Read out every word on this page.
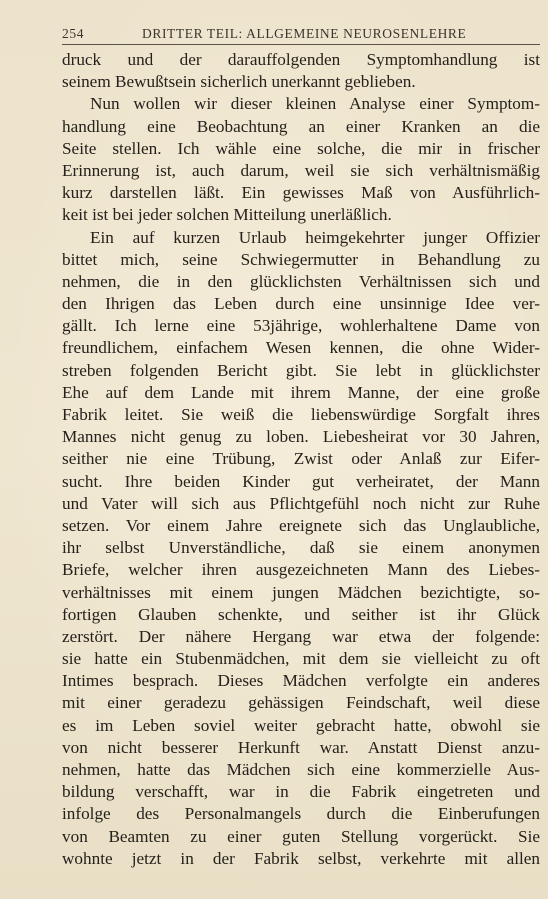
254	DRITTER TEIL: ALLGEMEINE NEUROSENLEHRE
druck und der darauffolgenden Symptomhandlung ist
seinem Bewußtsein sicherlich unerkannt geblieben.
Nun wollen wir dieser kleinen Analyse einer Symptom-
handlung eine Beobachtung an einer Kranken an die
Seite stellen. Ich wähle eine solche, die mir in frischer
Erinnerung ist, auch darum, weil sie sich verhältnismäßig
kurz darstellen läßt. Ein gewisses Maß von Ausführlich-
keit ist bei jeder solchen Mitteilung unerläßlich.
Ein auf kurzen Urlaub heimgekehrter junger Offizier
bittet mich, seine Schwiegermutter in Behandlung zu
nehmen, die in den glücklichsten Verhältnissen sich und
den Ihrigen das Leben durch eine unsinnige Idee ver-
gällt. Ich lerne eine 53jährige, wohlerhaltene Dame von
freundlichem, einfachem Wesen kennen, die ohne Wider-
streben folgenden Bericht gibt. Sie lebt in glücklichster
Ehe auf dem Lande mit ihrem Manne, der eine große
Fabrik leitet. Sie weiß die liebenswürdige Sorgfalt ihres
Mannes nicht genug zu loben. Liebesheirat vor 30 Jahren,
seither nie eine Trübung, Zwist oder Anlaß zur Eifer-
sucht. Ihre beiden Kinder gut verheiratet, der Mann
und Vater will sich aus Pflichtgefühl noch nicht zur Ruhe
setzen. Vor einem Jahre ereignete sich das Unglaubliche,
ihr selbst Unverständliche, daß sie einem anonymen
Briefe, welcher ihren ausgezeichneten Mann des Liebes-
verhältnisses mit einem jungen Mädchen bezichtigte, so-
fortigen Glauben schenkte, und seither ist ihr Glück
zerstört. Der nähere Hergang war etwa der folgende:
sie hatte ein Stubenmädchen, mit dem sie vielleicht zu oft
Intimes besprach. Dieses Mädchen verfolgte ein anderes
mit einer geradezu gehässigen Feindschaft, weil diese
es im Leben soviel weiter gebracht hatte, obwohl sie
von nicht besserer Herkunft war. Anstatt Dienst anzu-
nehmen, hatte das Mädchen sich eine kommerzielle Aus-
bildung verschafft, war in die Fabrik eingetreten und
infolge des Personalmangels durch die Einberufungen
von Beamten zu einer guten Stellung vorgerückt. Sie
wohnte jetzt in der Fabrik selbst, verkehrte mit allen
